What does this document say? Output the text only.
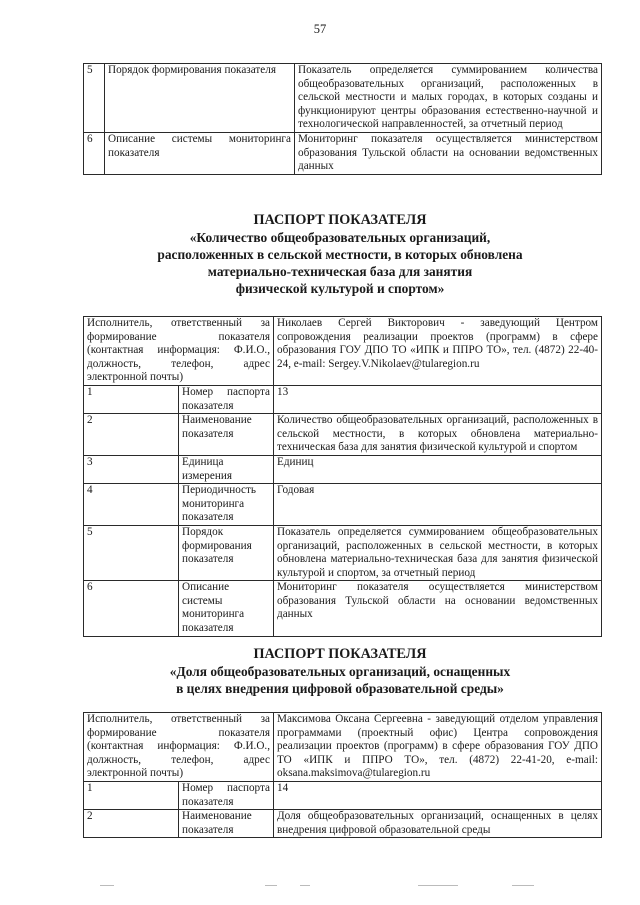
57
5	Порядок формирования показателя	Показатель определяется суммированием количества общеобразовательных организаций, расположенных в сельской местности и малых городах, в которых созданы и функционируют центры образования естественно-научной и технологической направленностей, за отчетный период
6	Описание системы мониторинга показателя	Мониторинг показателя осуществляется министерством образования Тульской области на основании ведомственных данных
ПАСПОРТ ПОКАЗАТЕЛЯ
«Количество общеобразовательных организаций,
расположенных в сельской местности, в которых обновлена
материально-техническая база для занятия
физической культурой и спортом»
Исполнитель, ответственный за формирование показателя (контактная информация: Ф.И.О., должность, телефон, адрес электронной почты)		Николаев Сергей Викторович - заведующий Центром сопровождения реализации проектов (программ) в сфере образования ГОУ ДПО ТО «ИПК и ППРО ТО», тел. (4872) 22-40-24, e-mail: Sergey.V.Nikolaev@tularegion.ru
1	Номер паспорта показателя	13
2	Наименование показателя	Количество общеобразовательных организаций, расположенных в сельской местности, в которых обновлена материально-техническая база для занятия физической культурой и спортом
3	Единица измерения	Единиц
4	Периодичность мониторинга показателя	Годовая
5	Порядок формирования показателя	Показатель определяется суммированием общеобразовательных организаций, расположенных в сельской местности, в которых обновлена материально-техническая база для занятия физической культурой и спортом, за отчетный период
6	Описание системы мониторинга показателя	Мониторинг показателя осуществляется министерством образования Тульской области на основании ведомственных данных
ПАСПОРТ ПОКАЗАТЕЛЯ
«Доля общеобразовательных организаций, оснащенных
в целях внедрения цифровой образовательной среды»
Исполнитель, ответственный за формирование показателя (контактная информация: Ф.И.О., должность, телефон, адрес электронной почты)		Максимова Оксана Сергеевна - заведующий отделом управления программами (проектный офис) Центра сопровождения реализации проектов (программ) в сфере образования ГОУ ДПО ТО «ИПК и ППРО ТО», тел. (4872) 22-41-20, e-mail: oksana.maksimova@tularegion.ru
1	Номер паспорта показателя	14
2	Наименование показателя	Доля общеобразовательных организаций, оснащенных в целях внедрения цифровой образовательной среды
